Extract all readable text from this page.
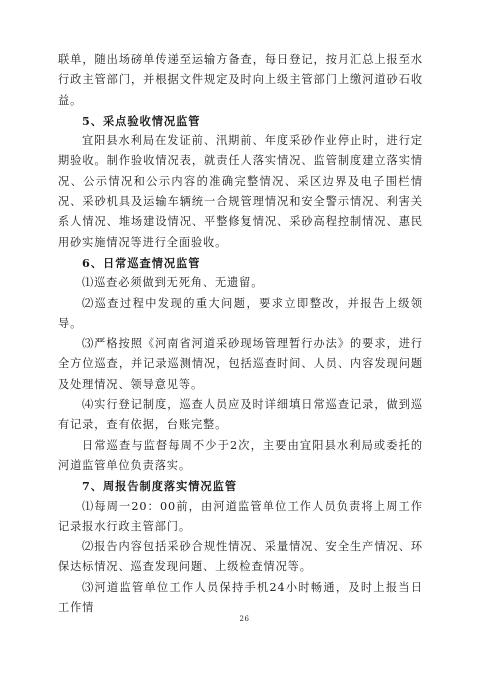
联单，随出场磅单传递至运输方备查，每日登记，按月汇总上报至水行政主管部门，并根据文件规定及时向上级主管部门上缴河道砂石收益。

5、采点验收情况监管

宜阳县水利局在发证前、汛期前、年度采砂作业停止时，进行定期验收。制作验收情况表，就责任人落实情况、监管制度建立落实情况、公示情况和公示内容的准确完整情况、采区边界及电子围栏情况、采砂机具及运输车辆统一合规管理情况和安全警示情况、利害关系人情况、堆场建设情况、平整修复情况、采砂高程控制情况、惠民用砂实施情况等进行全面验收。

6、日常巡查情况监管

⑴巡查必须做到无死角、无遗留。

⑵巡查过程中发现的重大问题，要求立即整改，并报告上级领导。

⑶严格按照《河南省河道采砂现场管理暂行办法》的要求，进行全方位巡查，并记录巡测情况，包括巡查时间、人员、内容发现问题及处理情况、领导意见等。

⑷实行登记制度，巡查人员应及时详细填日常巡查记录，做到巡有记录，查有依据，台账完整。

日常巡查与监督每周不少于2次，主要由宜阳县水利局或委托的河道监管单位负责落实。

7、周报告制度落实情况监管

⑴每周一20：00前，由河道监管单位工作人员负责将上周工作记录报水行政主管部门。

⑵报告内容包括采砂合规性情况、采量情况、安全生产情况、环保达标情况、巡查发现问题、上级检查情况等。

⑶河道监管单位工作人员保持手机24小时畅通，及时上报当日工作情

26
